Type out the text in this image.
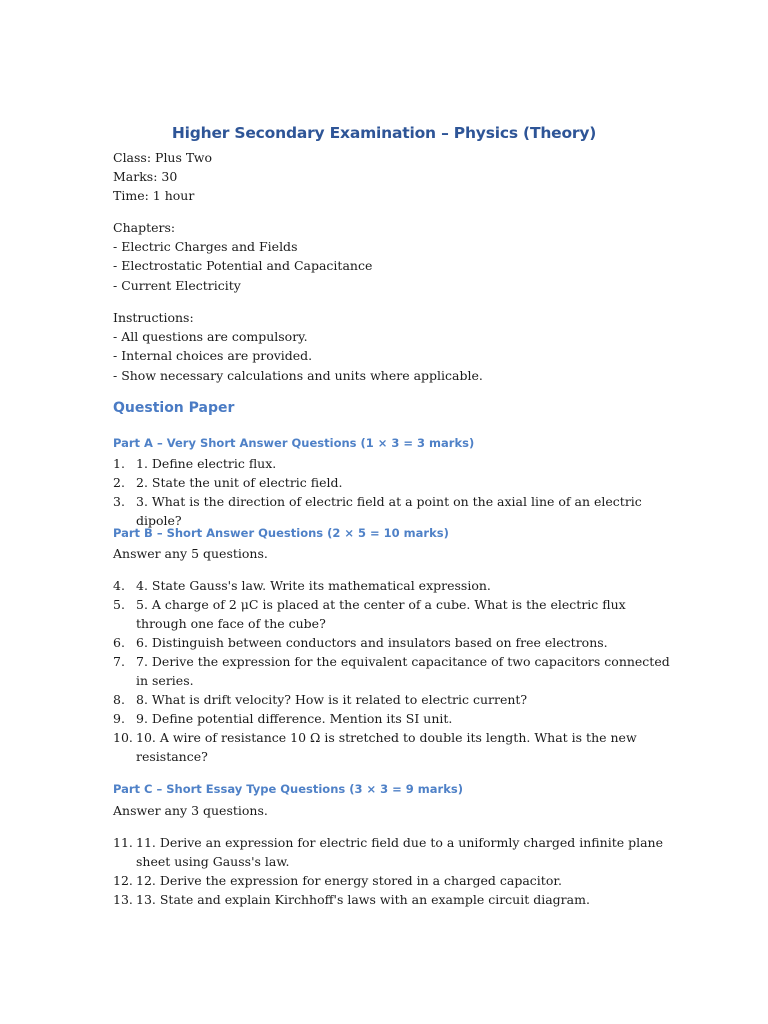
Higher Secondary Examination – Physics (Theory)
Class: Plus Two
Marks: 30
Time: 1 hour
Chapters:
- Electric Charges and Fields
- Electrostatic Potential and Capacitance
- Current Electricity
Instructions:
- All questions are compulsory.
- Internal choices are provided.
- Show necessary calculations and units where applicable.
Question Paper
Part A – Very Short Answer Questions (1 × 3 = 3 marks)
1. 1. Define electric flux.
2. 2. State the unit of electric field.
3. 3. What is the direction of electric field at a point on the axial line of an electric dipole?
Part B – Short Answer Questions (2 × 5 = 10 marks)
Answer any 5 questions.
4. 4. State Gauss's law. Write its mathematical expression.
5. 5. A charge of 2 μC is placed at the center of a cube. What is the electric flux through one face of the cube?
6. 6. Distinguish between conductors and insulators based on free electrons.
7. 7. Derive the expression for the equivalent capacitance of two capacitors connected in series.
8. 8. What is drift velocity? How is it related to electric current?
9. 9. Define potential difference. Mention its SI unit.
10. 10. A wire of resistance 10 Ω is stretched to double its length. What is the new resistance?
Part C – Short Essay Type Questions (3 × 3 = 9 marks)
Answer any 3 questions.
11. 11. Derive an expression for electric field due to a uniformly charged infinite plane sheet using Gauss's law.
12. 12. Derive the expression for energy stored in a charged capacitor.
13. 13. State and explain Kirchhoff's laws with an example circuit diagram.
